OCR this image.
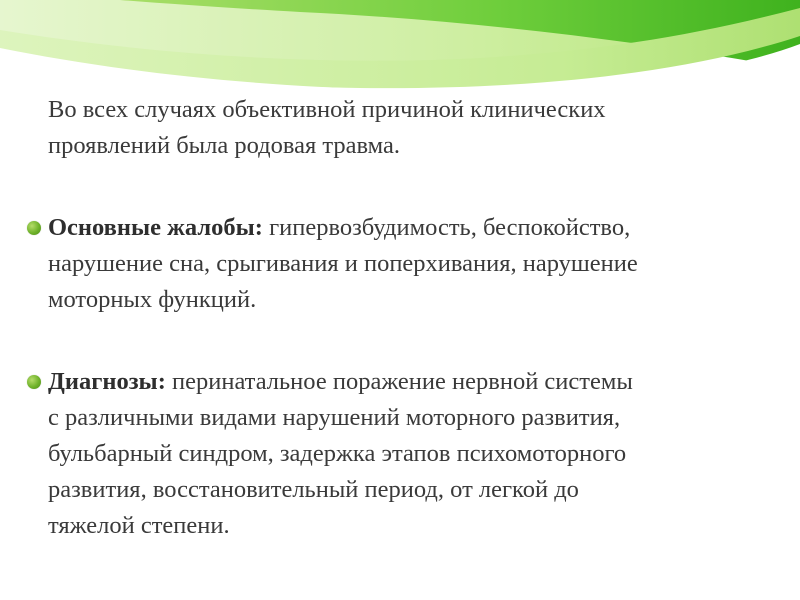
Во всех случаях объективной причиной клинических
проявлений была родовая травма.

Основные жалобы: гипервозбудимость, беспокойство,
нарушение сна, срыгивания и поперхивания, нарушение
моторных функций.

Диагнозы: перинатальное поражение нервной системы
с различными видами нарушений моторного развития,
бульбарный синдром, задержка этапов психомоторного
развития, восстановительный период, от легкой до
тяжелой степени.
